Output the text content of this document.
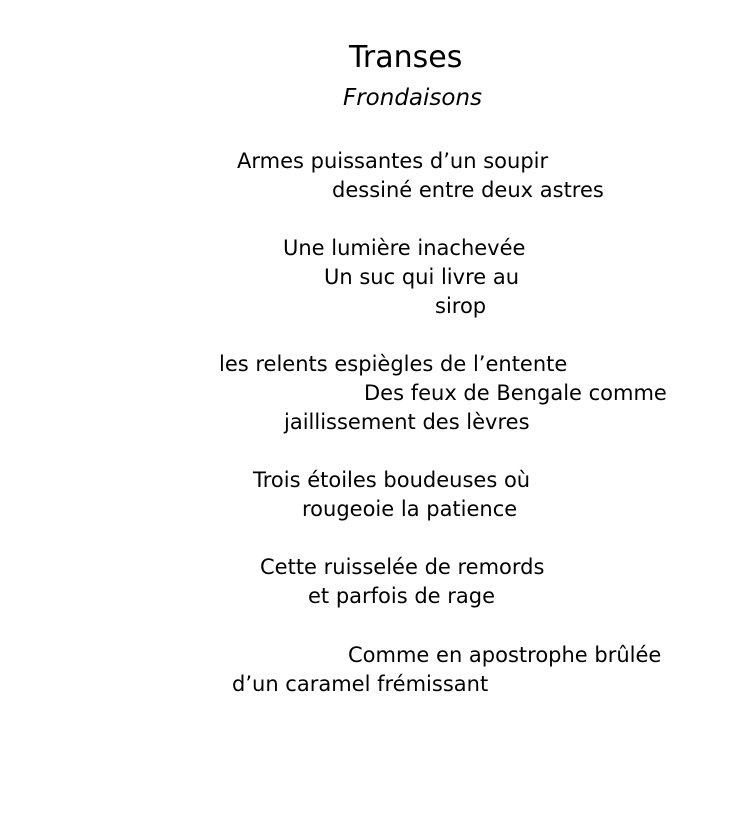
Transes
Frondaisons
Armes puissantes d’un soupir
dessiné entre deux astres
Une lumière inachevée
Un suc qui livre au
sirop
les relents espiègles de l’entente
Des feux de Bengale comme
jaillissement des lèvres
Trois étoiles boudeuses où
rougeoie la patience
Cette ruisselée de remords
et parfois de rage
Comme en apostrophe brûlée
d’un caramel frémissant
